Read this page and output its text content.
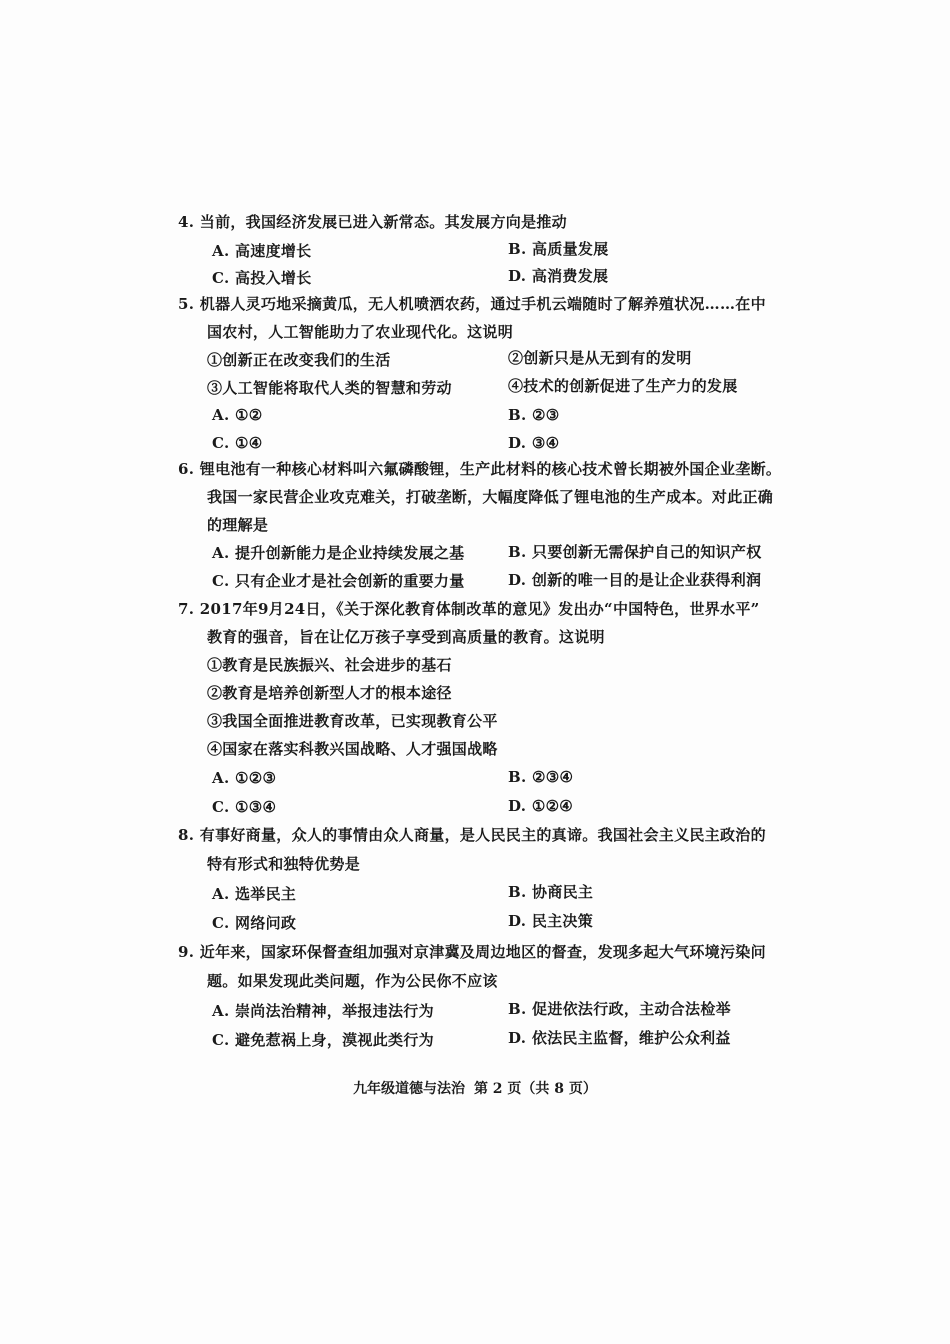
4. 当前，我国经济发展已进入新常态。其发展方向是推动
A. 高速度增长	B. 高质量发展
C. 高投入增长	D. 高消费发展
5. 机器人灵巧地采摘黄瓜，无人机喷洒农药，通过手机云端随时了解养殖状况……在中
国农村，人工智能助力了农业现代化。这说明
①创新正在改变我们的生活	②创新只是从无到有的发明
③人工智能将取代人类的智慧和劳动	④技术的创新促进了生产力的发展
A. ①②	B. ②③
C. ①④	D. ③④
6. 锂电池有一种核心材料叫六氟磷酸锂，生产此材料的核心技术曾长期被外国企业垄断。
我国一家民营企业攻克难关，打破垄断，大幅度降低了锂电池的生产成本。对此正确
的理解是
A. 提升创新能力是企业持续发展之基	B. 只要创新无需保护自己的知识产权
C. 只有企业才是社会创新的重要力量	D. 创新的唯一目的是让企业获得利润
7. 2017年9月24日，《关于深化教育体制改革的意见》发出办“中国特色，世界水平”
教育的强音，旨在让亿万孩子享受到高质量的教育。这说明
①教育是民族振兴、社会进步的基石
②教育是培养创新型人才的根本途径
③我国全面推进教育改革，已实现教育公平
④国家在落实科教兴国战略、人才强国战略
A. ①②③	B. ②③④
C. ①③④	D. ①②④
8. 有事好商量，众人的事情由众人商量，是人民民主的真谛。我国社会主义民主政治的
特有形式和独特优势是
A. 选举民主	B. 协商民主
C. 网络问政	D. 民主决策
9. 近年来，国家环保督查组加强对京津冀及周边地区的督查，发现多起大气环境污染问
题。如果发现此类问题，作为公民你不应该
A. 崇尚法治精神，举报违法行为	B. 促进依法行政，主动合法检举
C. 避免惹祸上身，漠视此类行为	D. 依法民主监督，维护公众利益
九年级道德与法治 第 2 页（共 8 页）
